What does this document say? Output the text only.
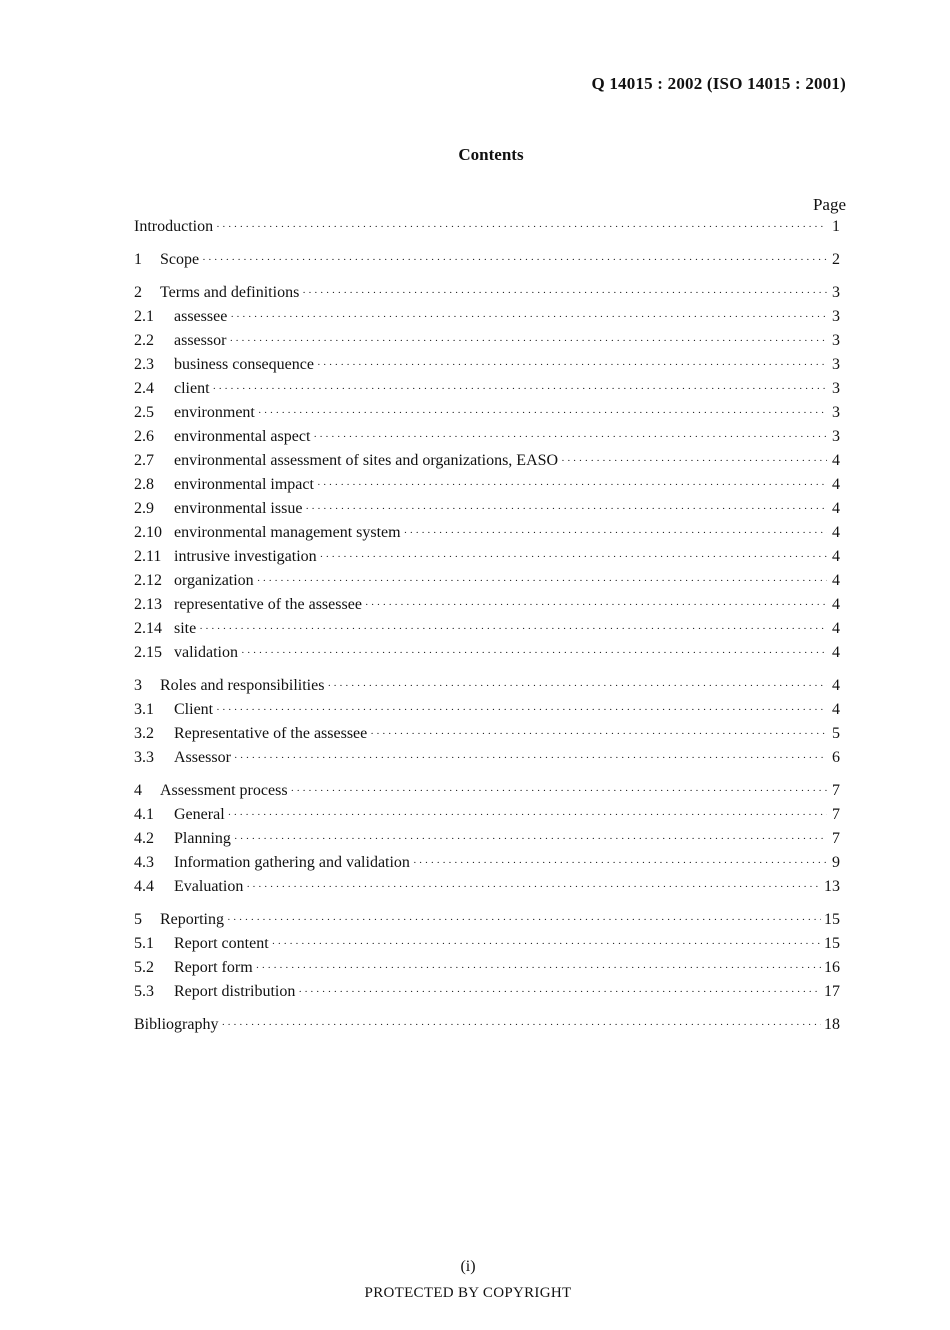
Q 14015 : 2002 (ISO 14015 : 2001)
Contents
Page
Introduction ·····	1
1	Scope ·····	2
2	Terms and definitions ·····	3
2.1	assessee ·····	3
2.2	assessor ·····	3
2.3	business consequence ·····	3
2.4	client ·····	3
2.5	environment ·····	3
2.6	environmental aspect ·····	3
2.7	environmental assessment of sites and organizations, EASO ·····	4
2.8	environmental impact ·····	4
2.9	environmental issue ·····	4
2.10 environmental management system ·····	4
2.11 intrusive investigation ·····	4
2.12 organization ·····	4
2.13 representative of the assessee ·····	4
2.14 site ·····	4
2.15 validation ·····	4
3	Roles and responsibilities ·····	4
3.1	Client ·····	4
3.2	Representative of the assessee ·····	5
3.3	Assessor ·····	6
4	Assessment process ·····	7
4.1	General ·····	7
4.2	Planning ·····	7
4.3	Information gathering and validation ·····	9
4.4	Evaluation ·····	13
5	Reporting ·····	15
5.1	Report content ·····	15
5.2	Report form ·····	16
5.3	Report distribution ·····	17
Bibliography ·····	18
(i)
PROTECTED BY COPYRIGHT
